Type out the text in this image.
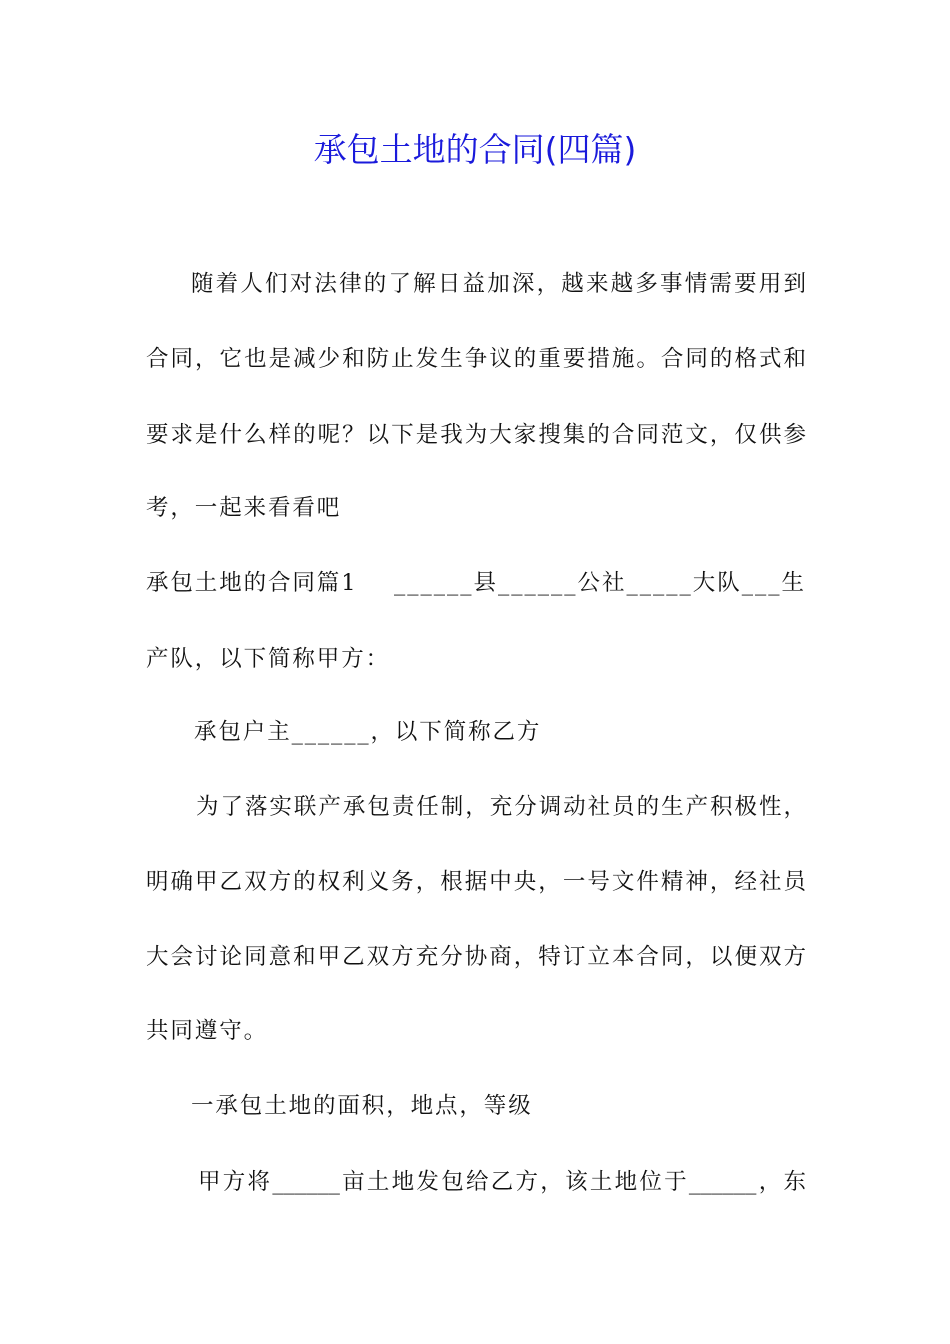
承包土地的合同(四篇)
随着人们对法律的了解日益加深，越来越多事情需要用到
合同，它也是减少和防止发生争议的重要措施。合同的格式和
要求是什么样的呢？以下是我为大家搜集的合同范文，仅供参
考，一起来看看吧
承包土地的合同篇1 ______县______公社_____大队___生
产队，以下简称甲方：
承包户主______，以下简称乙方
为了落实联产承包责任制，充分调动社员的生产积极性，
明确甲乙双方的权利义务，根据中央，一号文件精神，经社员
大会讨论同意和甲乙双方充分协商，特订立本合同，以便双方
共同遵守。
一承包土地的面积，地点，等级
甲方将______亩土地发包给乙方，该土地位于______，东
